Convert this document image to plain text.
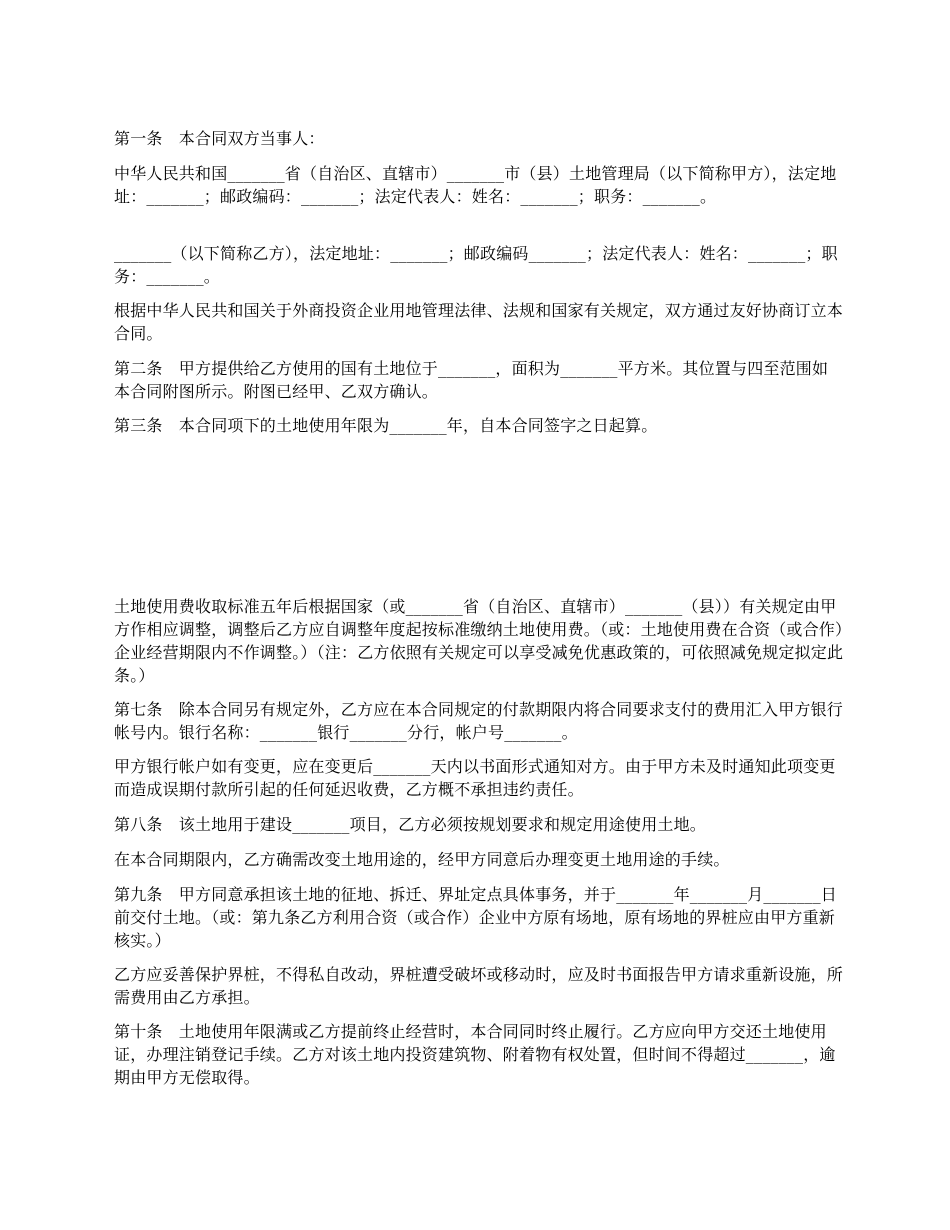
第一条　本合同双方当事人：

中华人民共和国_______省（自治区、直辖市）_______市（县）土地管理局（以下简称甲方），法定地址：_______；邮政编码：_______；法定代表人：姓名：_______；职务：_______。

_______（以下简称乙方），法定地址：_______；邮政编码_______；法定代表人：姓名：_______；职务：_______。

根据中华人民共和国关于外商投资企业用地管理法律、法规和国家有关规定，双方通过友好协商订立本合同。

第二条　甲方提供给乙方使用的国有土地位于_______，面积为_______平方米。其位置与四至范围如本合同附图所示。附图已经甲、乙双方确认。

第三条　本合同项下的土地使用年限为_______年，自本合同签字之日起算。

土地使用费收取标准五年后根据国家（或_______省（自治区、直辖市）_______（县））有关规定由甲方作相应调整，调整后乙方应自调整年度起按标准缴纳土地使用费。（或：土地使用费在合资（或合作）企业经营期限内不作调整。）（注：乙方依照有关规定可以享受减免优惠政策的，可依照减免规定拟定此条。）

第七条　除本合同另有规定外，乙方应在本合同规定的付款期限内将合同要求支付的费用汇入甲方银行帐号内。银行名称：_______银行_______分行，帐户号_______。

甲方银行帐户如有变更，应在变更后_______天内以书面形式通知对方。由于甲方未及时通知此项变更而造成误期付款所引起的任何延迟收费，乙方概不承担违约责任。

第八条　该土地用于建设_______项目，乙方必须按规划要求和规定用途使用土地。

在本合同期限内，乙方确需改变土地用途的，经甲方同意后办理变更土地用途的手续。

第九条　甲方同意承担该土地的征地、拆迁、界址定点具体事务，并于_______年_______月_______日前交付土地。（或：第九条乙方利用合资（或合作）企业中方原有场地，原有场地的界桩应由甲方重新核实。）

乙方应妥善保护界桩，不得私自改动，界桩遭受破坏或移动时，应及时书面报告甲方请求重新设施，所需费用由乙方承担。

第十条　土地使用年限满或乙方提前终止经营时，本合同同时终止履行。乙方应向甲方交还土地使用证，办理注销登记手续。乙方对该土地内投资建筑物、附着物有权处置，但时间不得超过_______，逾期由甲方无偿取得。
